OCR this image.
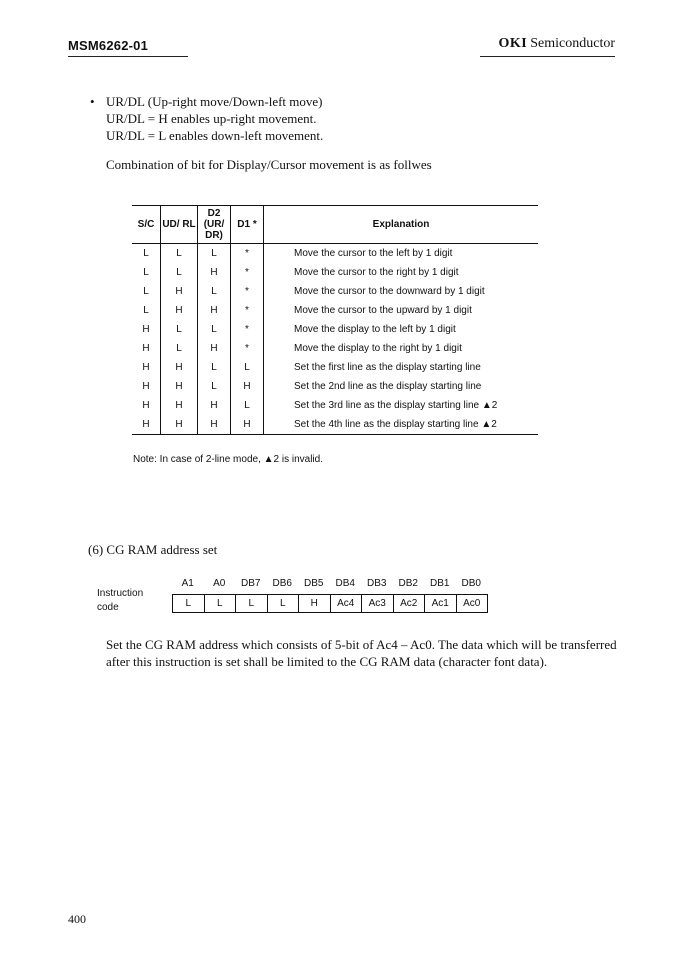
MSM6262-01	OKI Semiconductor
• UR/DL (Up-right move/Down-left move)
UR/DL = H enables up-right movement.
UR/DL = L enables down-left movement.
Combination of bit for Display/Cursor movement is as follwes
S/C	UD/ RL	D2 (UR/ DR)	D1 *	Explanation
L	L	L	*	Move the cursor to the left by 1 digit
L	L	H	*	Move the cursor to the right by 1 digit
L	H	L	*	Move the cursor to the downward by 1 digit
L	H	H	*	Move the cursor to the upward by 1 digit
H	L	L	*	Move the display to the left by 1 digit
H	L	H	*	Move the display to the right by 1 digit
H	H	L	L	Set the first line as the display starting line
H	H	L	H	Set the 2nd line as the display starting line
H	H	H	L	Set the 3rd line as the display starting line ▲2
H	H	H	H	Set the 4th line as the display starting line ▲2
Note: In case of 2-line mode, ▲2 is invalid.
(6) CG RAM address set
Instruction
code
A1	A0	DB7	DB6	DB5	DB4	DB3	DB2	DB1	DB0
L	L	L	L	H	Ac4	Ac3	Ac2	Ac1	Ac0
Set the CG RAM address which consists of 5-bit of Ac4 – Ac0. The data which will be transferred after this instruction is set shall be limited to the CG RAM data (character font data).
400
